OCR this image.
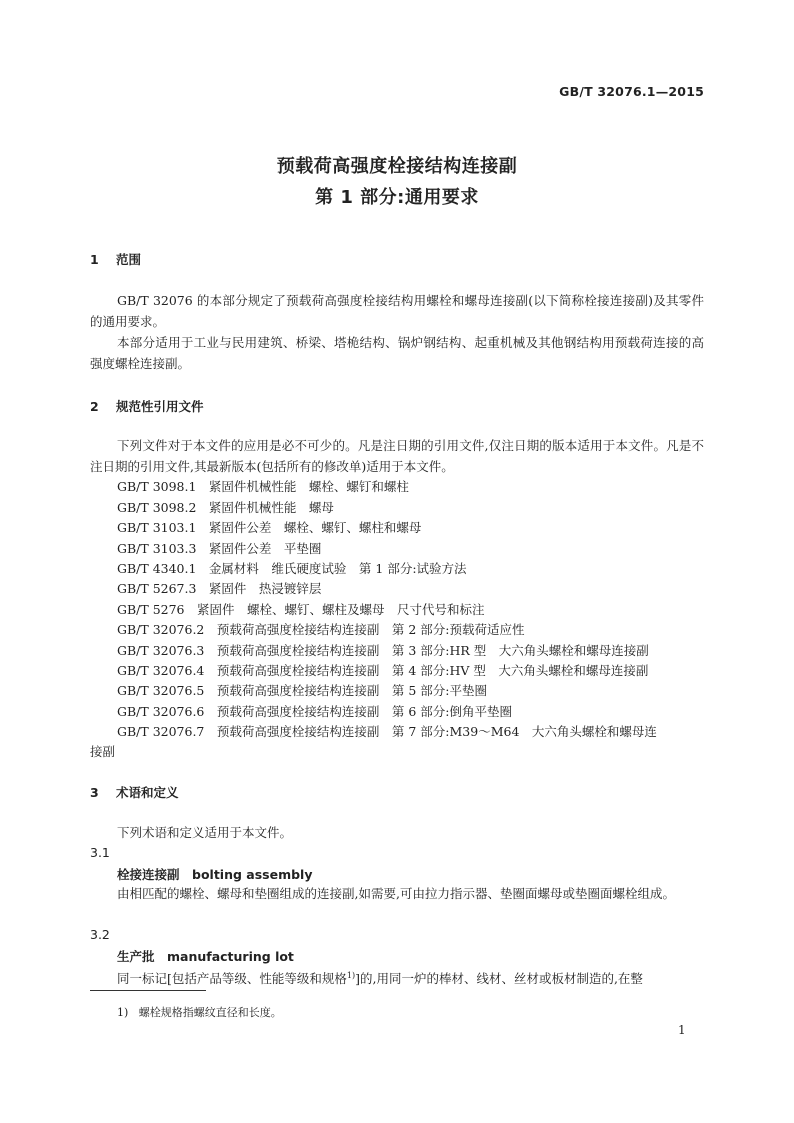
GB/T 32076.1—2015
预载荷高强度栓接结构连接副
第 1 部分:通用要求
1 范围
GB/T 32076 的本部分规定了预载荷高强度栓接结构用螺栓和螺母连接副(以下简称栓接连接副)及其零件的通用要求。
本部分适用于工业与民用建筑、桥梁、塔桅结构、锅炉钢结构、起重机械及其他钢结构用预载荷连接的高强度螺栓连接副。
2 规范性引用文件
下列文件对于本文件的应用是必不可少的。凡是注日期的引用文件,仅注日期的版本适用于本文件。凡是不注日期的引用文件,其最新版本(包括所有的修改单)适用于本文件。
GB/T 3098.1　紧固件机械性能　螺栓、螺钉和螺柱
GB/T 3098.2　紧固件机械性能　螺母
GB/T 3103.1　紧固件公差　螺栓、螺钉、螺柱和螺母
GB/T 3103.3　紧固件公差　平垫圈
GB/T 4340.1　金属材料　维氏硬度试验　第 1 部分:试验方法
GB/T 5267.3　紧固件　热浸镀锌层
GB/T 5276　紧固件　螺栓、螺钉、螺柱及螺母　尺寸代号和标注
GB/T 32076.2　预载荷高强度栓接结构连接副　第 2 部分:预载荷适应性
GB/T 32076.3　预载荷高强度栓接结构连接副　第 3 部分:HR 型　大六角头螺栓和螺母连接副
GB/T 32076.4　预载荷高强度栓接结构连接副　第 4 部分:HV 型　大六角头螺栓和螺母连接副
GB/T 32076.5　预载荷高强度栓接结构连接副　第 5 部分:平垫圈
GB/T 32076.6　预载荷高强度栓接结构连接副　第 6 部分:倒角平垫圈
GB/T 32076.7　预载荷高强度栓接结构连接副　第 7 部分:M39～M64　大六角头螺栓和螺母连
接副
3 术语和定义
下列术语和定义适用于本文件。
3.1
栓接连接副　bolting assembly
由相匹配的螺栓、螺母和垫圈组成的连接副,如需要,可由拉力指示器、垫圈面螺母或垫圈面螺栓组成。
3.2
生产批　manufacturing lot
同一标记[包括产品等级、性能等级和规格$^{1)}$]的,用同一炉的棒材、线材、丝材或板材制造的,在整
1) 螺栓规格指螺纹直径和长度。
1
